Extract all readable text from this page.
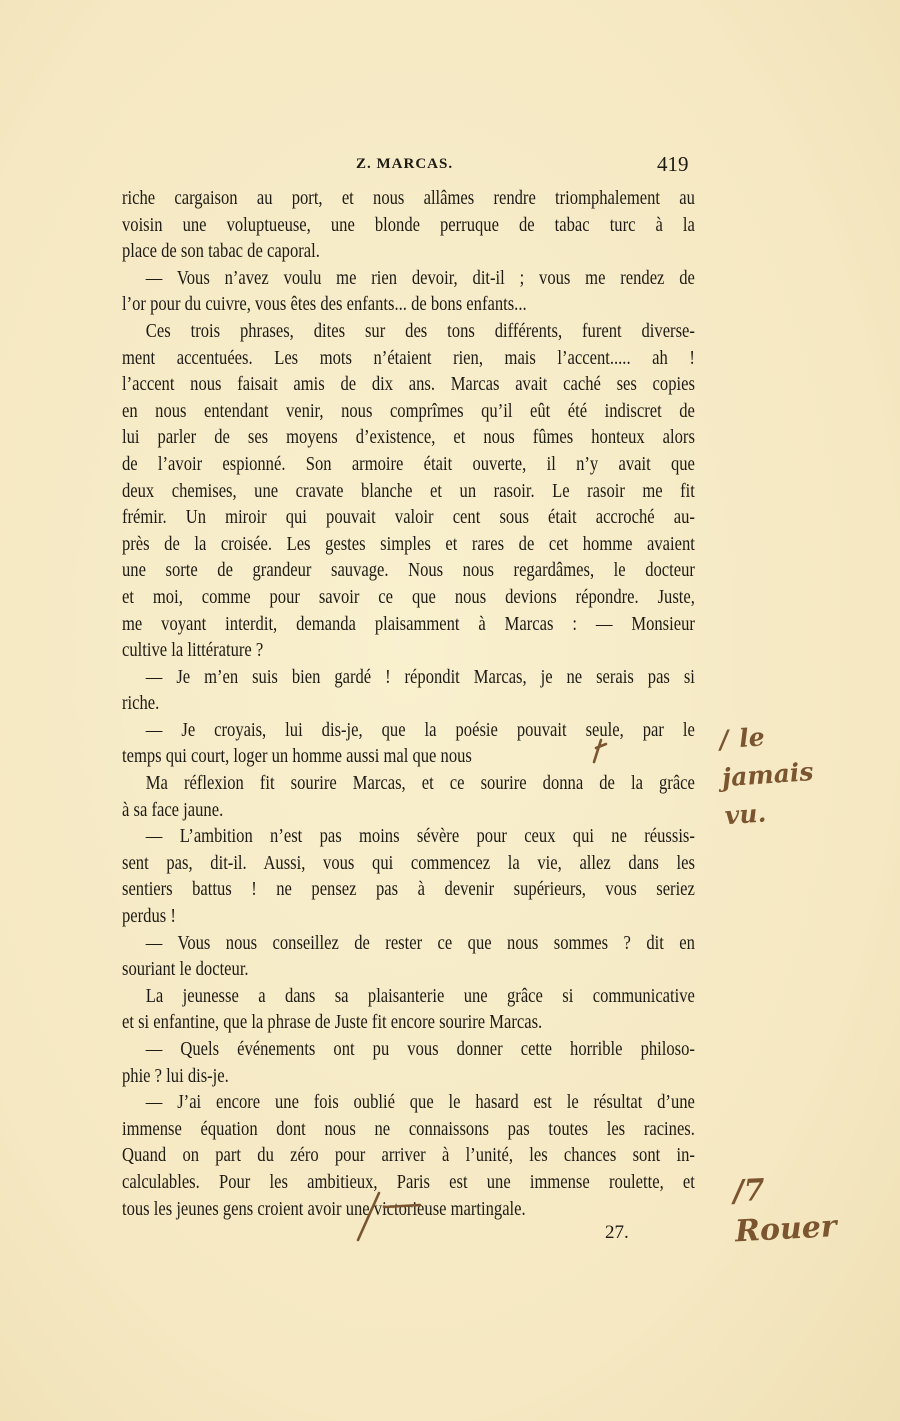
Z. MARCAS.	419
riche cargaison au port, et nous allâmes rendre triomphalement au
voisin une voluptueuse, une blonde perruque de tabac turc à la
place de son tabac de caporal.
— Vous n’avez voulu me rien devoir, dit-il ; vous me rendez de
l’or pour du cuivre, vous êtes des enfants... de bons enfants...
Ces trois phrases, dites sur des tons différents, furent diverse-
ment accentuées. Les mots n’étaient rien, mais l’accent..... ah !
l’accent nous faisait amis de dix ans. Marcas avait caché ses copies
en nous entendant venir, nous comprîmes qu’il eût été indiscret de
lui parler de ses moyens d’existence, et nous fûmes honteux alors
de l’avoir espionné. Son armoire était ouverte, il n’y avait que
deux chemises, une cravate blanche et un rasoir. Le rasoir me fit
frémir. Un miroir qui pouvait valoir cent sous était accroché au-
près de la croisée. Les gestes simples et rares de cet homme avaient
une sorte de grandeur sauvage. Nous nous regardâmes, le docteur
et moi, comme pour savoir ce que nous devions répondre. Juste,
me voyant interdit, demanda plaisamment à Marcas : — Monsieur
cultive la littérature ?
— Je m’en suis bien gardé ! répondit Marcas, je ne serais pas si
riche.
— Je croyais, lui dis-je, que la poésie pouvait seule, par le
temps qui court, loger un homme aussi mal que nous
Ma réflexion fit sourire Marcas, et ce sourire donna de la grâce
à sa face jaune.
— L’ambition n’est pas moins sévère pour ceux qui ne réussis-
sent pas, dit-il. Aussi, vous qui commencez la vie, allez dans les
sentiers battus ! ne pensez pas à devenir supérieurs, vous seriez
perdus !
— Vous nous conseillez de rester ce que nous sommes ? dit en
souriant le docteur.
La jeunesse a dans sa plaisanterie une grâce si communicative
et si enfantine, que la phrase de Juste fit encore sourire Marcas.
— Quels événements ont pu vous donner cette horrible philoso-
phie ? lui dis-je.
— J’ai encore une fois oublié que le hasard est le résultat d’une
immense équation dont nous ne connaissons pas toutes les racines.
Quand on part du zéro pour arriver à l’unité, les chances sont in-
calculables. Pour les ambitieux, Paris est une immense roulette, et
tous les jeunes gens croient avoir une victorieuse martingale.
27.
/ le jamais vu.
/7 Rouer
